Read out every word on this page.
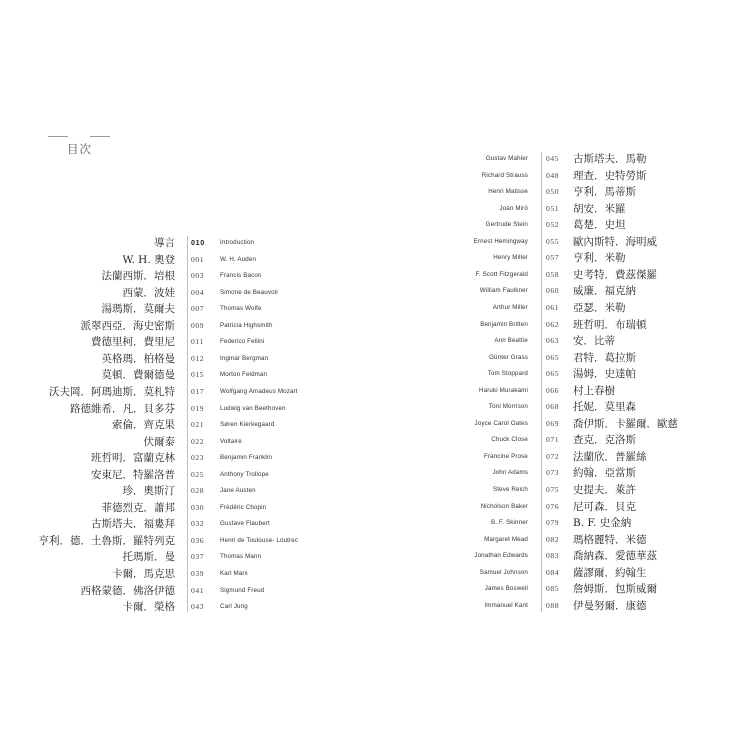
目次
導言 010 Introduction
W. H. 奧登 001	W. H. Auden
法蘭西斯．培根 003	Francis Bacon
西蒙．波娃 004	Simone de Beauvoir
湯瑪斯．莫爾夫 007	Thomas Wolfe
派翠西亞．海史密斯 009	Patricia Highsmith
費德里柯．費里尼 011	Federico Fellini
英格瑪．柏格曼 012	Ingmar Bergman
莫頓．費爾德曼 015	Morton Feldman
沃夫岡．阿瑪迪斯．莫札特 017	Wolfgang Amadeus Mozart
路德維希．凡．貝多芬 019	Ludwig van Beethoven
索倫．齊克果 021	Søren Kierkegaard
伏爾泰 022	Voltaire
班哲明．富蘭克林 023	Benjamin Franklin
安東尼．特羅洛普 025	Anthony Trollope
珍．奧斯汀 028	Jane Austen
菲德烈克．蕭邦 030	Frédéric Chopin
古斯塔夫．福婁拜 032	Gustave Flaubert
亨利．德．土魯斯．羅特列克 036	Henri de Toulouse- Loutrec
托瑪斯．曼 037	Thomas Mann
卡爾．馬克思 039	Karl Marx
西格蒙德．佛洛伊德 041	Sigmund Freud
卡爾．榮格 043	Carl Jung
Gustav Mahler 045 古斯塔夫．馬勒
Richard Strauss 048 理查．史特勞斯
Henri Matisse 050 亨利．馬蒂斯
Joan Miró 051 胡安．米羅
Gertrude Stein 052 葛楚．史坦
Ernest Hemingway 055 歐內斯特．海明威
Henry Miller 057 亨利．米勒
F. Scott Fitzgerald 058 史考特．費茲傑羅
William Faulkner 060 威廉．福克納
Arthur Miller 061 亞瑟．米勒
Benjamin Britten 062 班哲明．布瑞頓
Ann Beattie 063 安．比蒂
Günter Grass 065 君特．葛拉斯
Tom Stoppard 065 湯姆．史達帕
Haruki Murakami 066 村上春樹
Toni Morrison 068 托妮．莫里森
Joyce Carol Oates 069 喬伊斯．卡羅爾．歐慈
Chuck Close 071 查克．克洛斯
Francine Prose 072 法蘭欣．普羅絲
John Adams 073 約翰．亞當斯
Steve Reich 075 史提夫．萊許
Nicholson Baker 076 尼可森．貝克
B. F. Skinner 079 B. F. 史金納
Margaret Mead 082 瑪格麗特．米德
Jonathan Edwards 083 喬納森．愛德華茲
Samuel Johnson 084 薩謬爾．約翰生
James Boswell 085 詹姆斯．包斯威爾
Immanuel Kant 088 伊曼努爾．康德
